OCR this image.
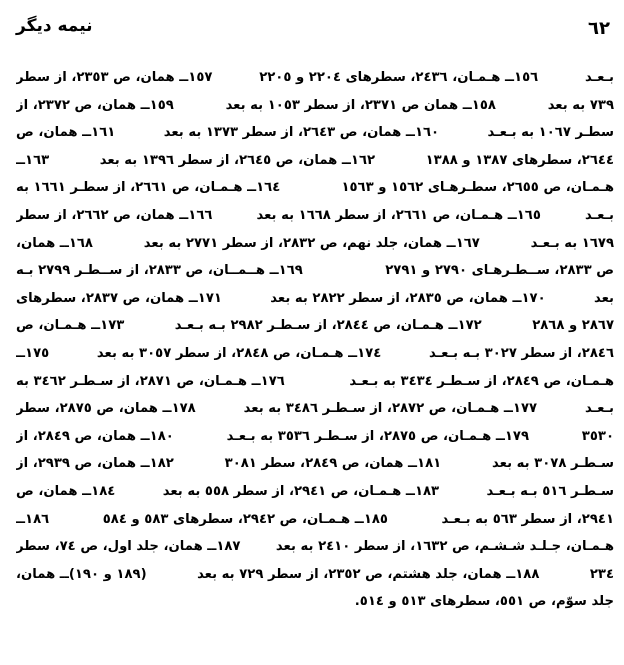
٦٢
نیمه دیگر
بـعـد
١٥٦ــ هـمـان، ٢٤٣٦، سطرهای ٢٢٠٤ و ٢٢٠٥
١٥٧ــ همان، ص ٢٣٥٣، از سطر
٧٣٩ به بعد
١٥٨ــ همان ص ٢٣٧١، از سطر ١٠٥٣ به بعد
١٥٩ــ همان، ص ٢٣٧٢، از
سطـر ١٠٦٧ به بـعـد
١٦٠ــ همان، ص ٢٦٤٣، از سطر ١٣٧٣ به بعد
١٦١ــ همان، ص
٢٦٤٤، سطرهای ١٣٨٧ و ١٣٨٨
١٦٢ــ همان، ص ٢٦٤٥، از سطر ١٣٩٦ به بعد
١٦٣ــ
هـمـان، ص ٢٦٥٥، سطـرهـای ١٥٦٢ و ١٥٦٣
١٦٤ــ هـمـان، ص ٢٦٦١، از سطـر ١٦٦١ به
بـعـد
١٦٥ــ هـمـان، ص ٢٦٦١، از سطر ١٦٦٨ به بعد
١٦٦ــ همان، ص ٢٦٦٢، از سطر
١٦٧٩ به بـعـد
١٦٧ــ همان، جلد نهم، ص ٢٨٣٢، از سطر ٢٧٧١ به بعد
١٦٨ــ همان،
ص ٢٨٣٣، ســطـرهـای ٢٧٩٠ و ٢٧٩١
١٦٩ــ هــمــان، ص ٢٨٣٣، از ســطـر ٢٧٩٩ بـه
بعد
١٧٠ــ همان، ص ٢٨٣٥، از سطر ٢٨٢٢ به بعد
١٧١ــ همان، ص ٢٨٣٧، سطرهای
٢٨٦٧ و ٢٨٦٨
١٧٢ــ هـمـان، ص ٢٨٤٤، از سـطـر ٢٩٨٢ بـه بـعـد
١٧٣ــ هـمـان، ص
٢٨٤٦، از سطر ٣٠٢٧ بـه بـعـد
١٧٤ــ هـمـان، ص ٢٨٤٨، از سطر ٣٠٥٧ به بعد
١٧٥ــ
هـمـان، ص ٢٨٤٩، از سـطـر ٣٤٣٤ به بـعـد
١٧٦ــ هـمـان، ص ٢٨٧١، از سـطـر ٣٤٦٢ به
بـعـد
١٧٧ــ هـمـان، ص ٢٨٧٢، از سـطـر ٣٤٨٦ به بعد
١٧٨ــ همان، ص ٢٨٧٥، سطر
٣٥٣٠
١٧٩ــ هـمـان، ص ٢٨٧٥، از سـطـر ٣٥٣٦ به بـعـد
١٨٠ــ همان، ص ٢٨٤٩، از
سـطـر ٣٠٧٨ به بعد
١٨١ــ همان، ص ٢٨٤٩، سطر ٣٠٨١
١٨٢ــ همان، ص ٢٩٣٩، از
سـطـر ٥١٦ بـه بـعـد
١٨٣ــ هـمـان، ص ٢٩٤١، از سطر ٥٥٨ به بعد
١٨٤ــ همان، ص
٢٩٤١، از سطر ٥٦٣ به بـعـد
١٨٥ــ هـمـان، ص ٢٩٤٢، سطرهای ٥٨٣ و ٥٨٤
١٨٦ــ
هـمـان، جـلـد شـشـم، ص ١٦٣٢، از سطر ٢٤١٠ به بعد
١٨٧ــ همان، جلد اول، ص ٧٤، سطر
٢٣٤
١٨٨ــ همان، جلد هشتم، ص ٢٣٥٢، از سطر ٧٢٩ به بعد
(١٨٩ و ١٩٠)ــ همان،
جلد سوّم، ص ٥٥١، سطرهای ٥١٣ و ٥١٤.
